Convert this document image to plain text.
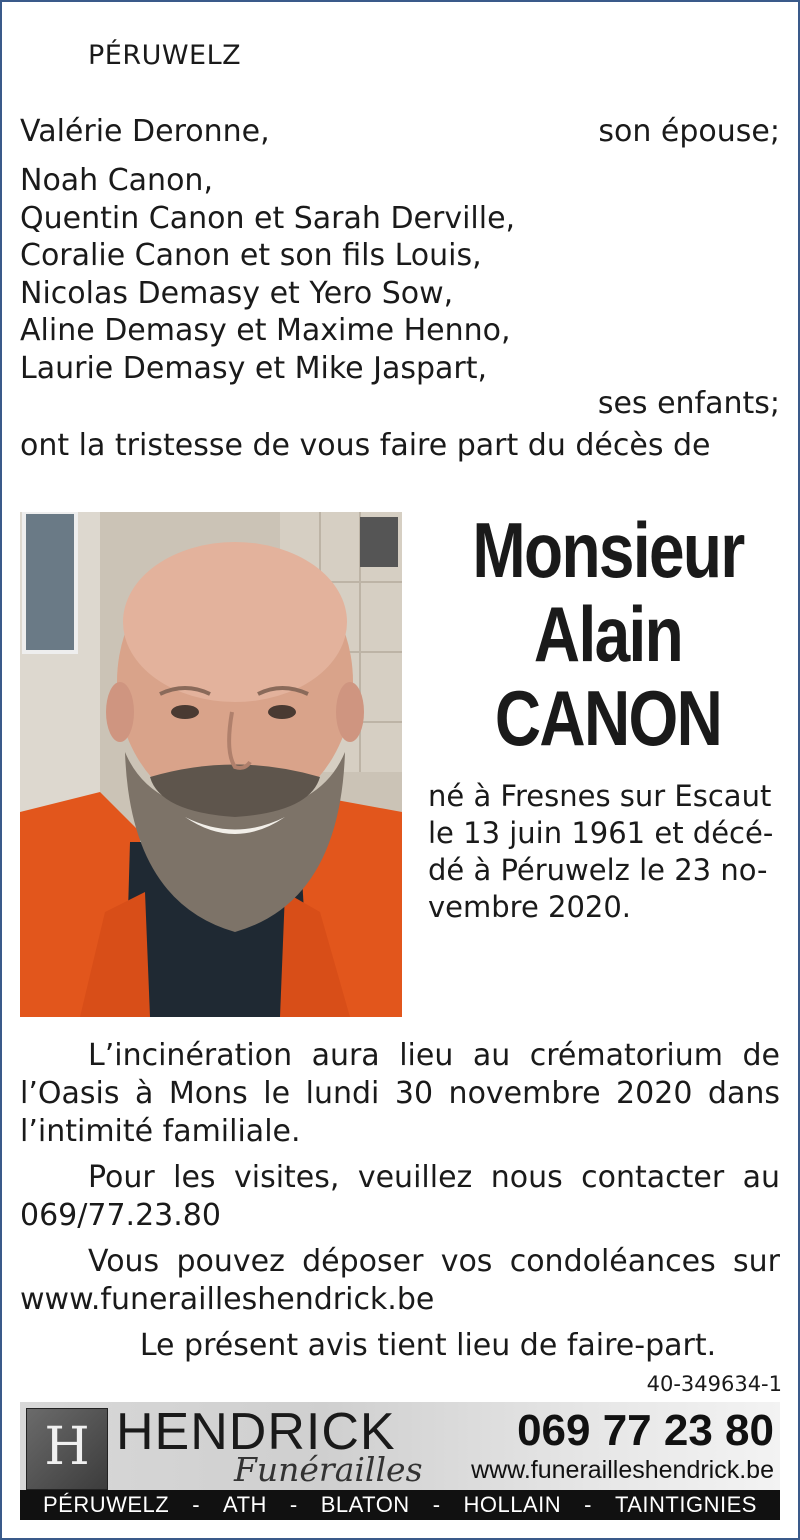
PÉRUWELZ
Valérie Deronne,	son épouse;
Noah Canon,
Quentin Canon et Sarah Derville,
Coralie Canon et son fils Louis,
Nicolas Demasy et Yero Sow,
Aline Demasy et Maxime Henno,
Laurie Demasy et Mike Jaspart,
ses enfants;
ont la tristesse de vous faire part du décès de
Monsieur
Alain
CANON
né à Fresnes sur Escaut
le 13 juin 1961 et décé-
dé à Péruwelz le 23 no-
vembre 2020.
L’incinération aura lieu au crématorium de l’Oasis à Mons le lundi 30 novembre 2020 dans l’intimité familiale.
Pour les visites, veuillez nous contacter au 069/77.23.80
Vous pouvez déposer vos condoléances sur www.funerailleshendrick.be
Le présent avis tient lieu de faire-part.
40-349634-1
H HENDRICK
Funérailles
069 77 23 80
www.funerailleshendrick.be
PÉRUWELZ - ATH - BLATON - HOLLAIN - TAINTIGNIES
